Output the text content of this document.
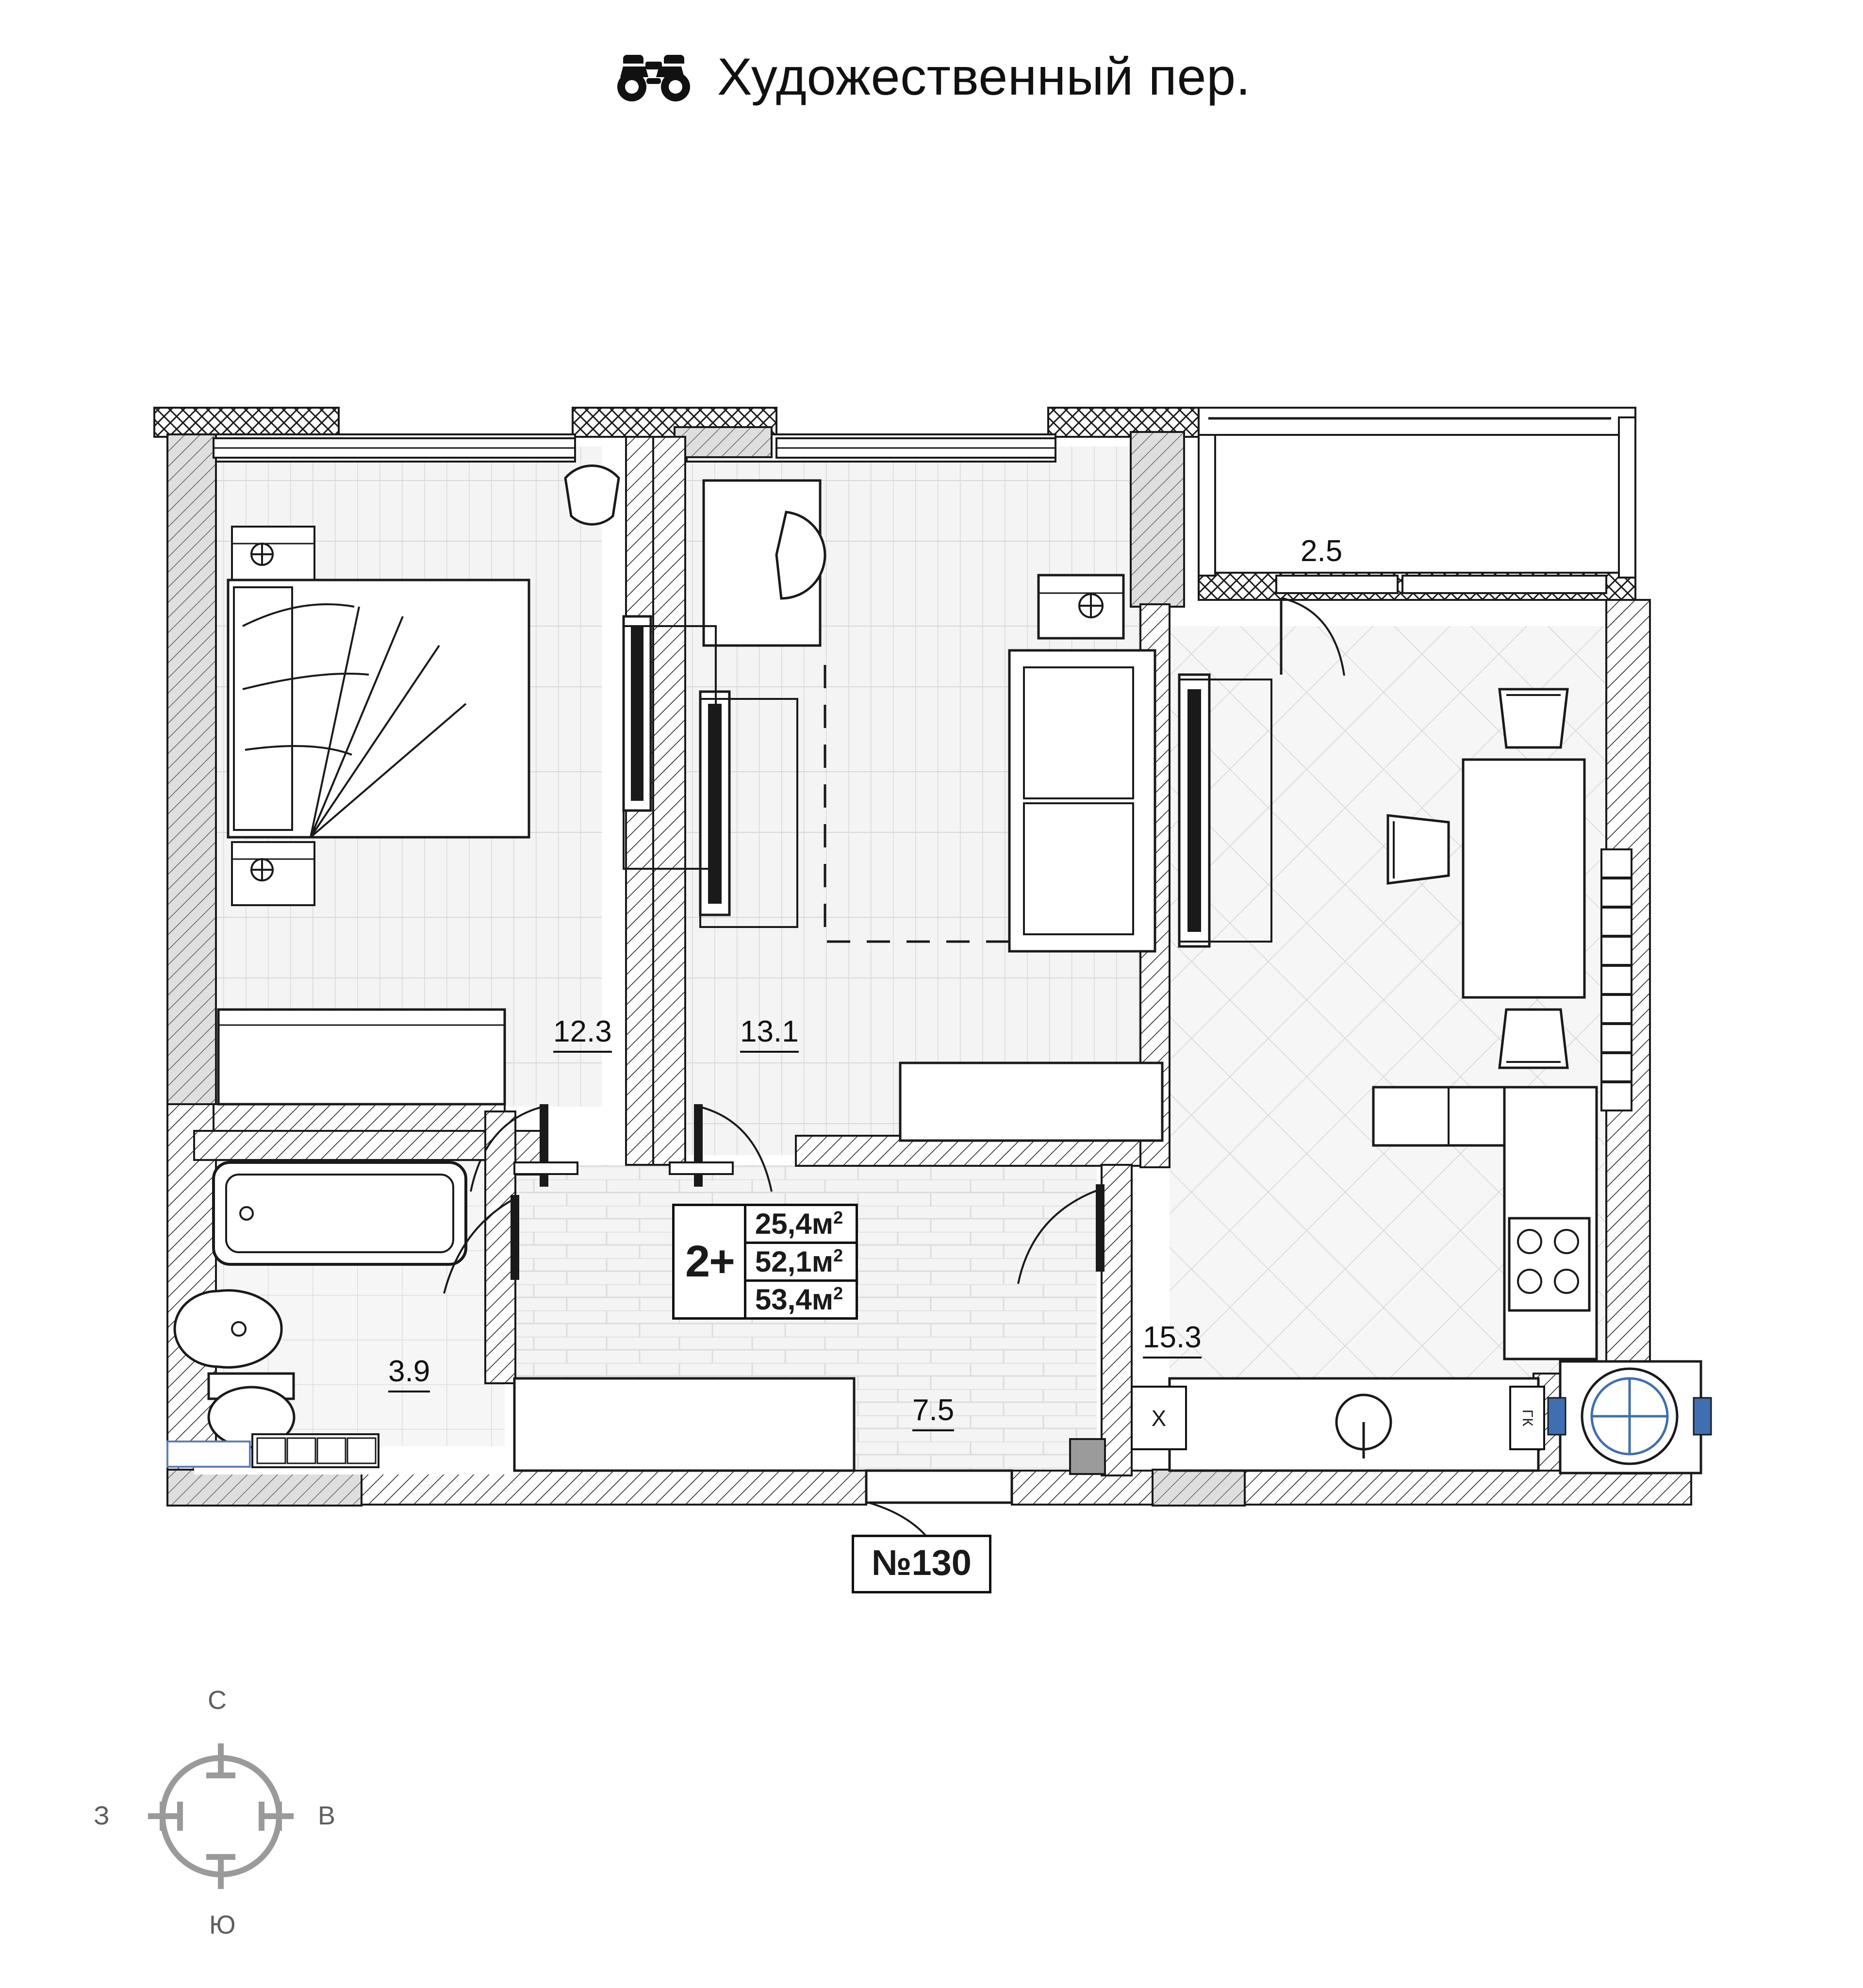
Художественный пер.
12.3	13.1
3.9
7.5
15.3
2.5
2+
$25,4м^2$
$52,1м^2$
$53,4м^2$
X	ГК
№130
С
В
Ю
З
